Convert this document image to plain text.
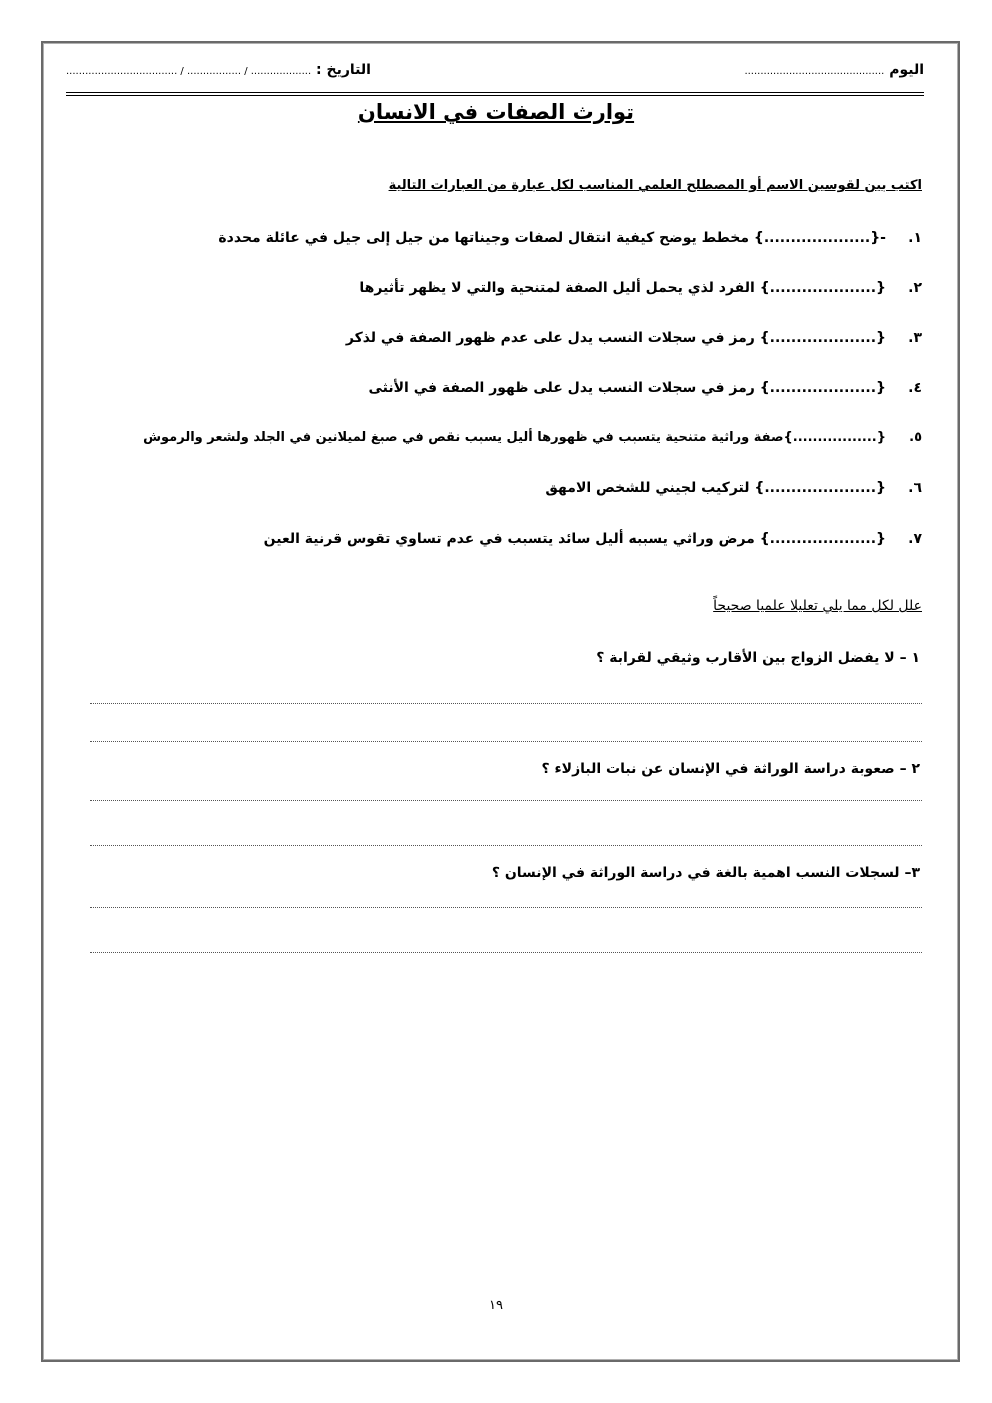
اليوم ............................................
التاريخ : ................... / ................. / ...................................
توارث الصفات في الانسان
اكتب بين لقوسين الاسم أو المصطلح العلمي المناسب لكل عبارة من العبارات التالية
١.-{....................} مخطط يوضح كيفية انتقال لصفات وجيناتها من جيل إلى جيل في عائلة محددة
٢.{....................} الفرد لذي يحمل أليل الصفة لمتنحية والتي لا يظهر تأثيرها
٣.{....................} رمز في سجلات النسب يدل على عدم ظهور الصفة في لذكر
٤.{....................} رمز في سجلات النسب يدل على ظهور الصفة في الأنثى
٥.{.................}صفة وراثية متنحية يتسبب في ظهورها أليل يسبب نقص في صبغ لميلانين في الجلد ولشعر والرموش
٦.{.....................} لتركيب لجيني للشخص الامهق
٧.{....................} مرض وراثي يسببه أليل سائد يتسبب في عدم تساوي تقوس قرنية العين
علل لكل مما يلي تعليلا علميا صحيحاً
١ – لا يفضل الزواج بين الأقارب وثيقي لقرابة ؟
٢ – صعوبة دراسة الوراثة في الإنسان عن نبات البازلاء ؟
٣– لسجلات النسب اهمية بالغة في دراسة الوراثة في الإنسان ؟
١٩
